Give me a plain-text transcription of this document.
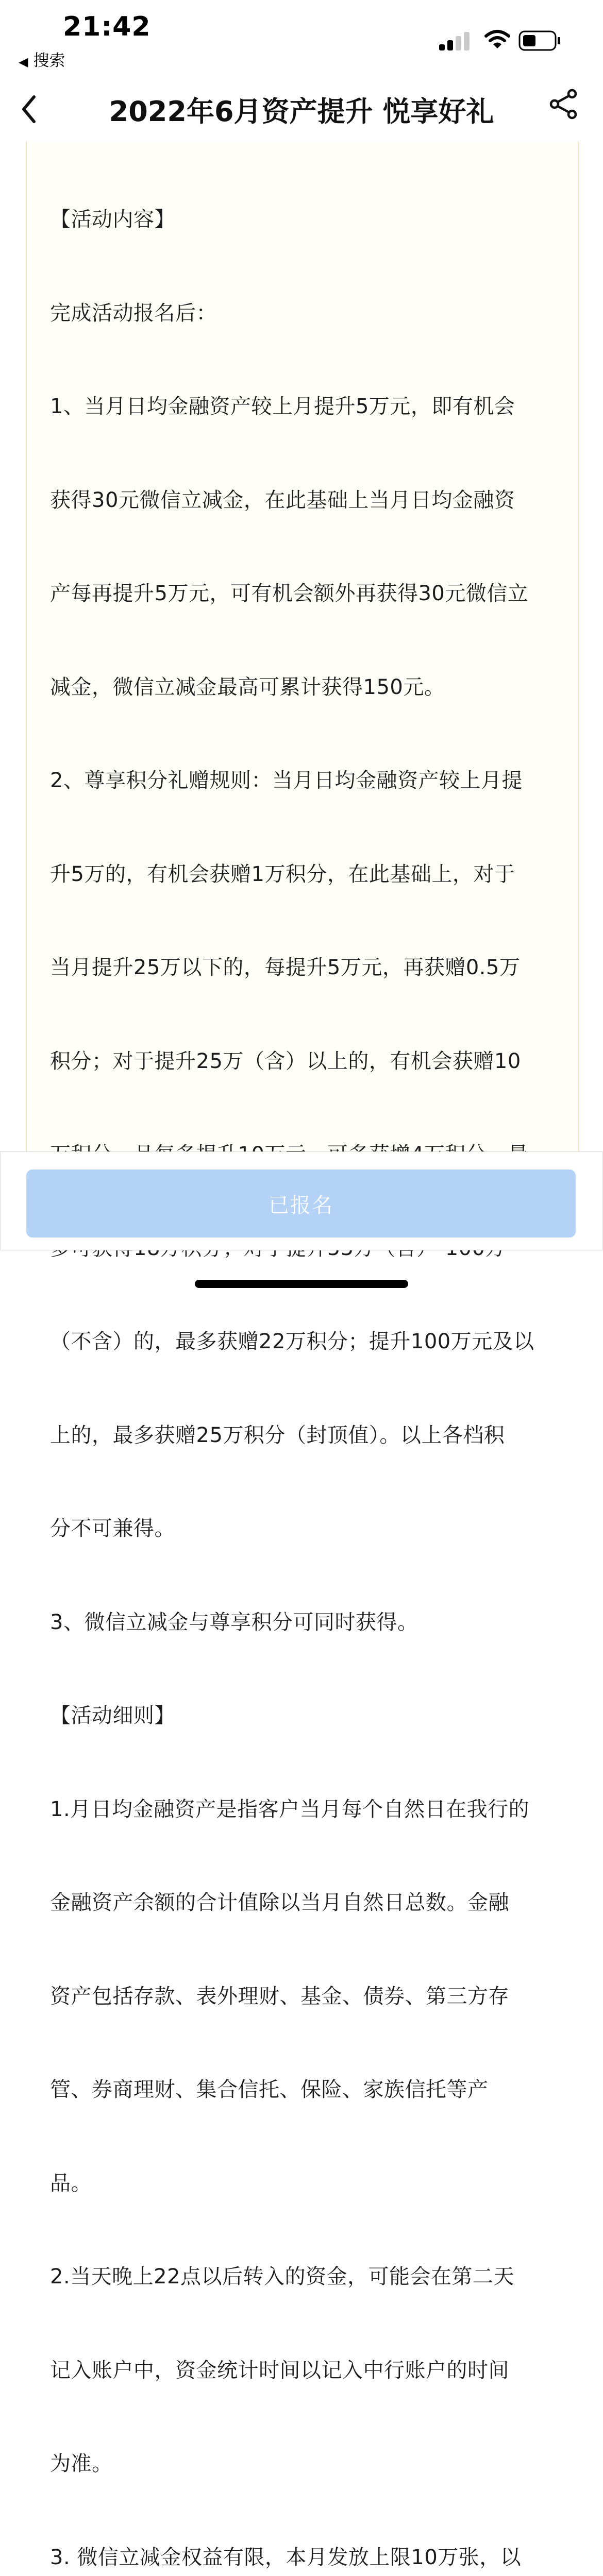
21:42
◀ 搜索
2022年6月资产提升 悦享好礼

【活动内容】

完成活动报名后：

1、当月日均金融资产较上月提升5万元，即有机会

获得30元微信立减金，在此基础上当月日均金融资

产每再提升5万元，可有机会额外再获得30元微信立

减金，微信立减金最高可累计获得150元。

2、尊享积分礼赠规则：当月日均金融资产较上月提

升5万的，有机会获赠1万积分，在此基础上，对于

当月提升25万以下的，每提升5万元，再获赠0.5万

积分；对于提升25万（含）以上的，有机会获赠10

（不含）的，最多获赠22万积分；提升100万元及以

上的，最多获赠25万积分（封顶值）。以上各档积

分不可兼得。

3、微信立减金与尊享积分可同时获得。

【活动细则】

1.月日均金融资产是指客户当月每个自然日在我行的

金融资产余额的合计值除以当月自然日总数。金融

资产包括存款、表外理财、基金、债券、第三方存

管、券商理财、集合信托、保险、家族信托等产

品。

2.当天晚上22点以后转入的资金，可能会在第二天

记入账户中，资金统计时间以记入中行账户的时间

为准。

3. 微信立减金权益有限，本月发放上限10万张，以

已报名
